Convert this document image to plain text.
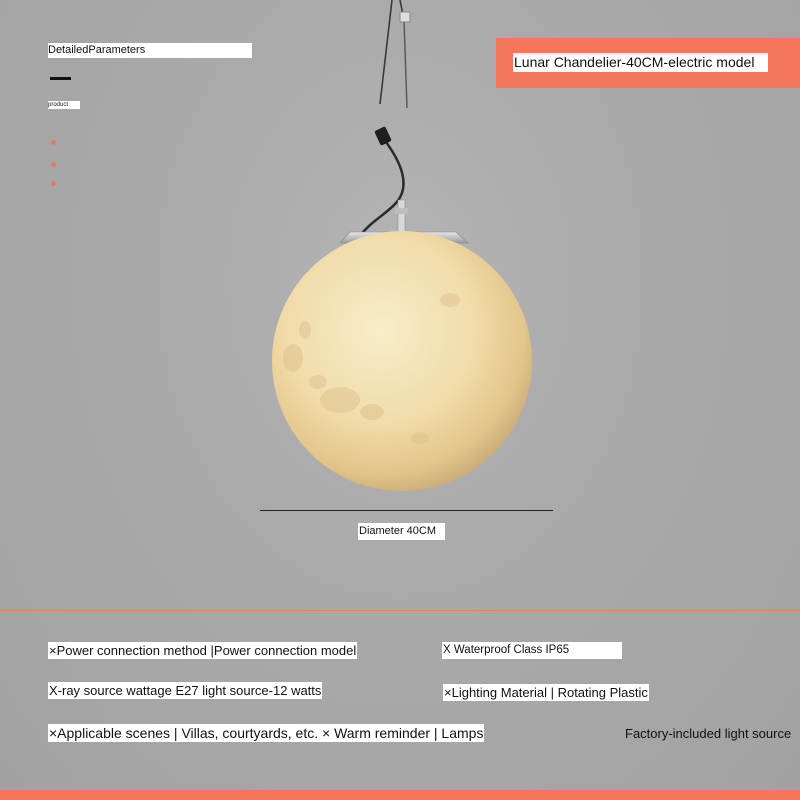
DetailedParameters
product
Lunar Chandelier-40CM-electric model
Diameter 40CM
×Power connection method |Power connection model	X Waterproof Class IP65
X-ray source wattage E27 light source-12 watts	×Lighting Material | Rotating Plastic
×Applicable scenes | Villas, courtyards, etc. × Warm reminder | Lamps	Factory-included light source
